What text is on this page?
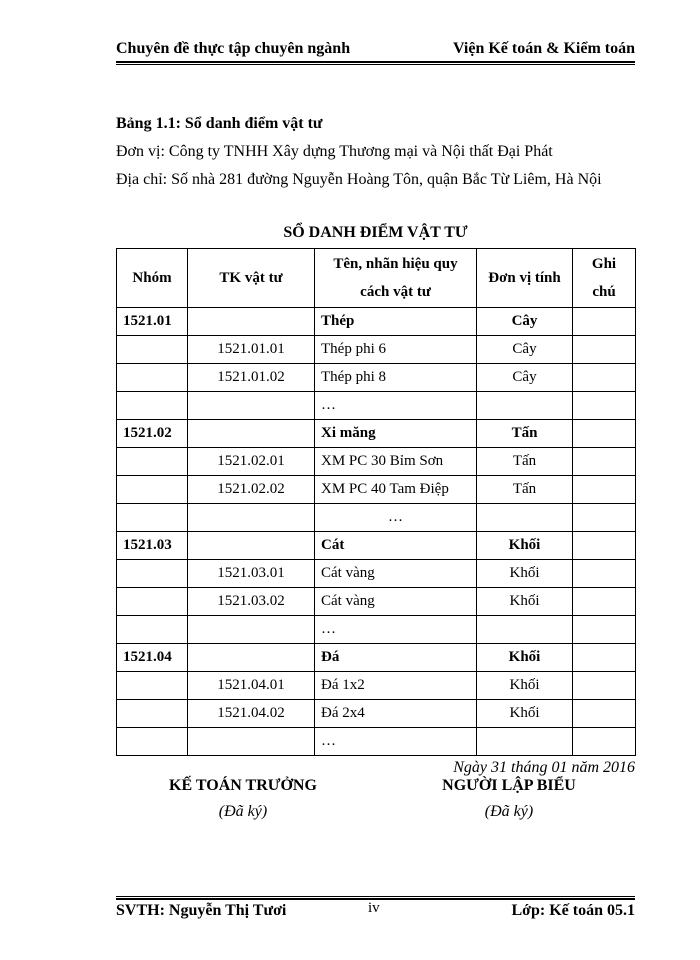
Chuyên đề thực tập chuyên ngành	Viện Kế toán & Kiểm toán
Bảng 1.1: Sổ danh điểm vật tư
Đơn vị: Công ty TNHH Xây dựng Thương mại và Nội thất Đại Phát
Địa chỉ: Số nhà 281 đường Nguyễn Hoàng Tôn, quận Bắc Từ Liêm, Hà Nội
SỔ DANH ĐIỂM VẬT TƯ
Nhóm	TK vật tư	Tên, nhãn hiệu quy cách vật tư	Đơn vị tính	Ghi chú
1521.01		Thép	Cây	
	1521.01.01	Thép phi 6	Cây	
	1521.01.02	Thép phi 8	Cây	
		…		
1521.02		Xi măng	Tấn	
	1521.02.01	XM PC 30 Bỉm Sơn	Tấn	
	1521.02.02	XM PC 40 Tam Điệp	Tấn	
		…		
1521.03		Cát	Khối	
	1521.03.01	Cát vàng	Khối	
	1521.03.02	Cát vàng	Khối	
		…		
1521.04		Đá	Khối	
	1521.04.01	Đá 1x2	Khối	
	1521.04.02	Đá 2x4	Khối	
		…		
Ngày 31 tháng 01 năm 2016
KẾ TOÁN TRƯỞNG
(Đã ký)
NGƯỜI LẬP BIỂU
(Đã ký)
SVTH: Nguyễn Thị Tươi	iv	Lớp: Kế toán 05.1
